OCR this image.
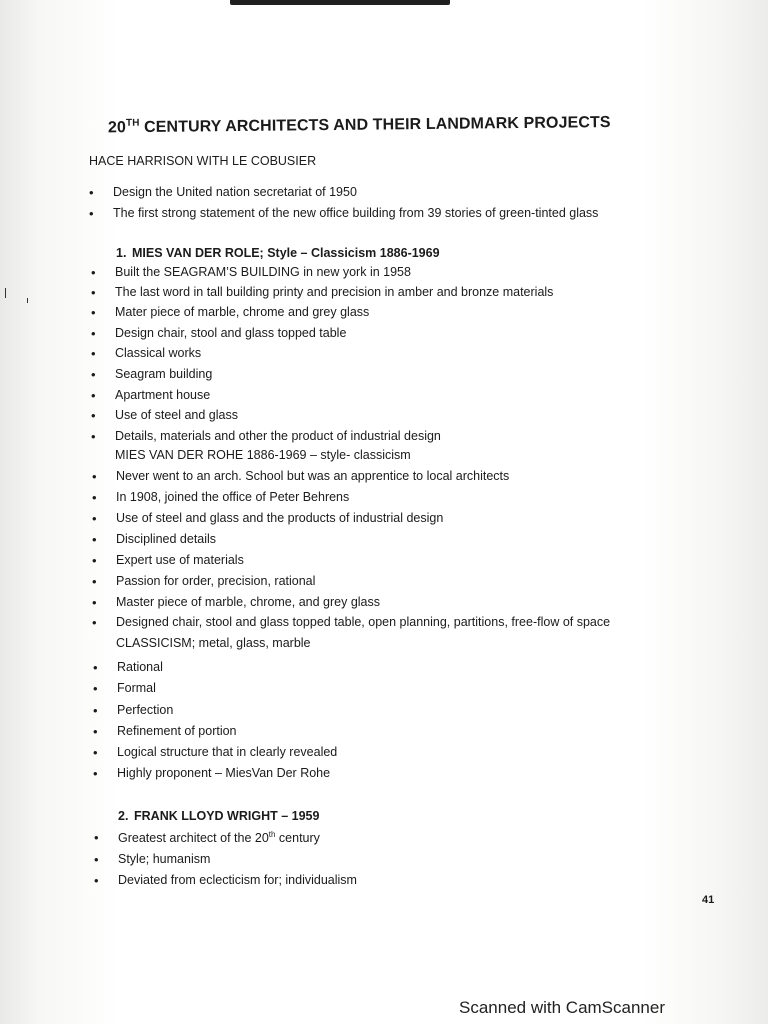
20TH CENTURY ARCHITECTS AND THEIR LANDMARK PROJECTS
HACE HARRISON WITH LE COBUSIER
• Design the United nation secretariat of 1950
• The first strong statement of the new office building from 39 stories of green-tinted glass
1. MIES VAN DER ROLE; Style – Classicism 1886-1969
• Built the SEAGRAM’S BUILDING in new york in 1958
• The last word in tall building printy and precision in amber and bronze materials
• Mater piece of marble, chrome and grey glass
• Design chair, stool and glass topped table
• Classical works
• Seagram building
• Apartment house
• Use of steel and glass
• Details, materials and other the product of industrial design
MIES VAN DER ROHE 1886-1969 – style- classicism
• Never went to an arch. School but was an apprentice to local architects
• In 1908, joined the office of Peter Behrens
• Use of steel and glass and the products of industrial design
• Disciplined details
• Expert use of materials
• Passion for order, precision, rational
• Master piece of marble, chrome, and grey glass
• Designed chair, stool and glass topped table, open planning, partitions, free-flow of space
CLASSICISM; metal, glass, marble
• Rational
• Formal
• Perfection
• Refinement of portion
• Logical structure that in clearly revealed
• Highly proponent – MiesVan Der Rohe
2. FRANK LLOYD WRIGHT – 1959
• Greatest architect of the 20th century
• Style; humanism
• Deviated from eclecticism for; individualism
41
Scanned with CamScanner
